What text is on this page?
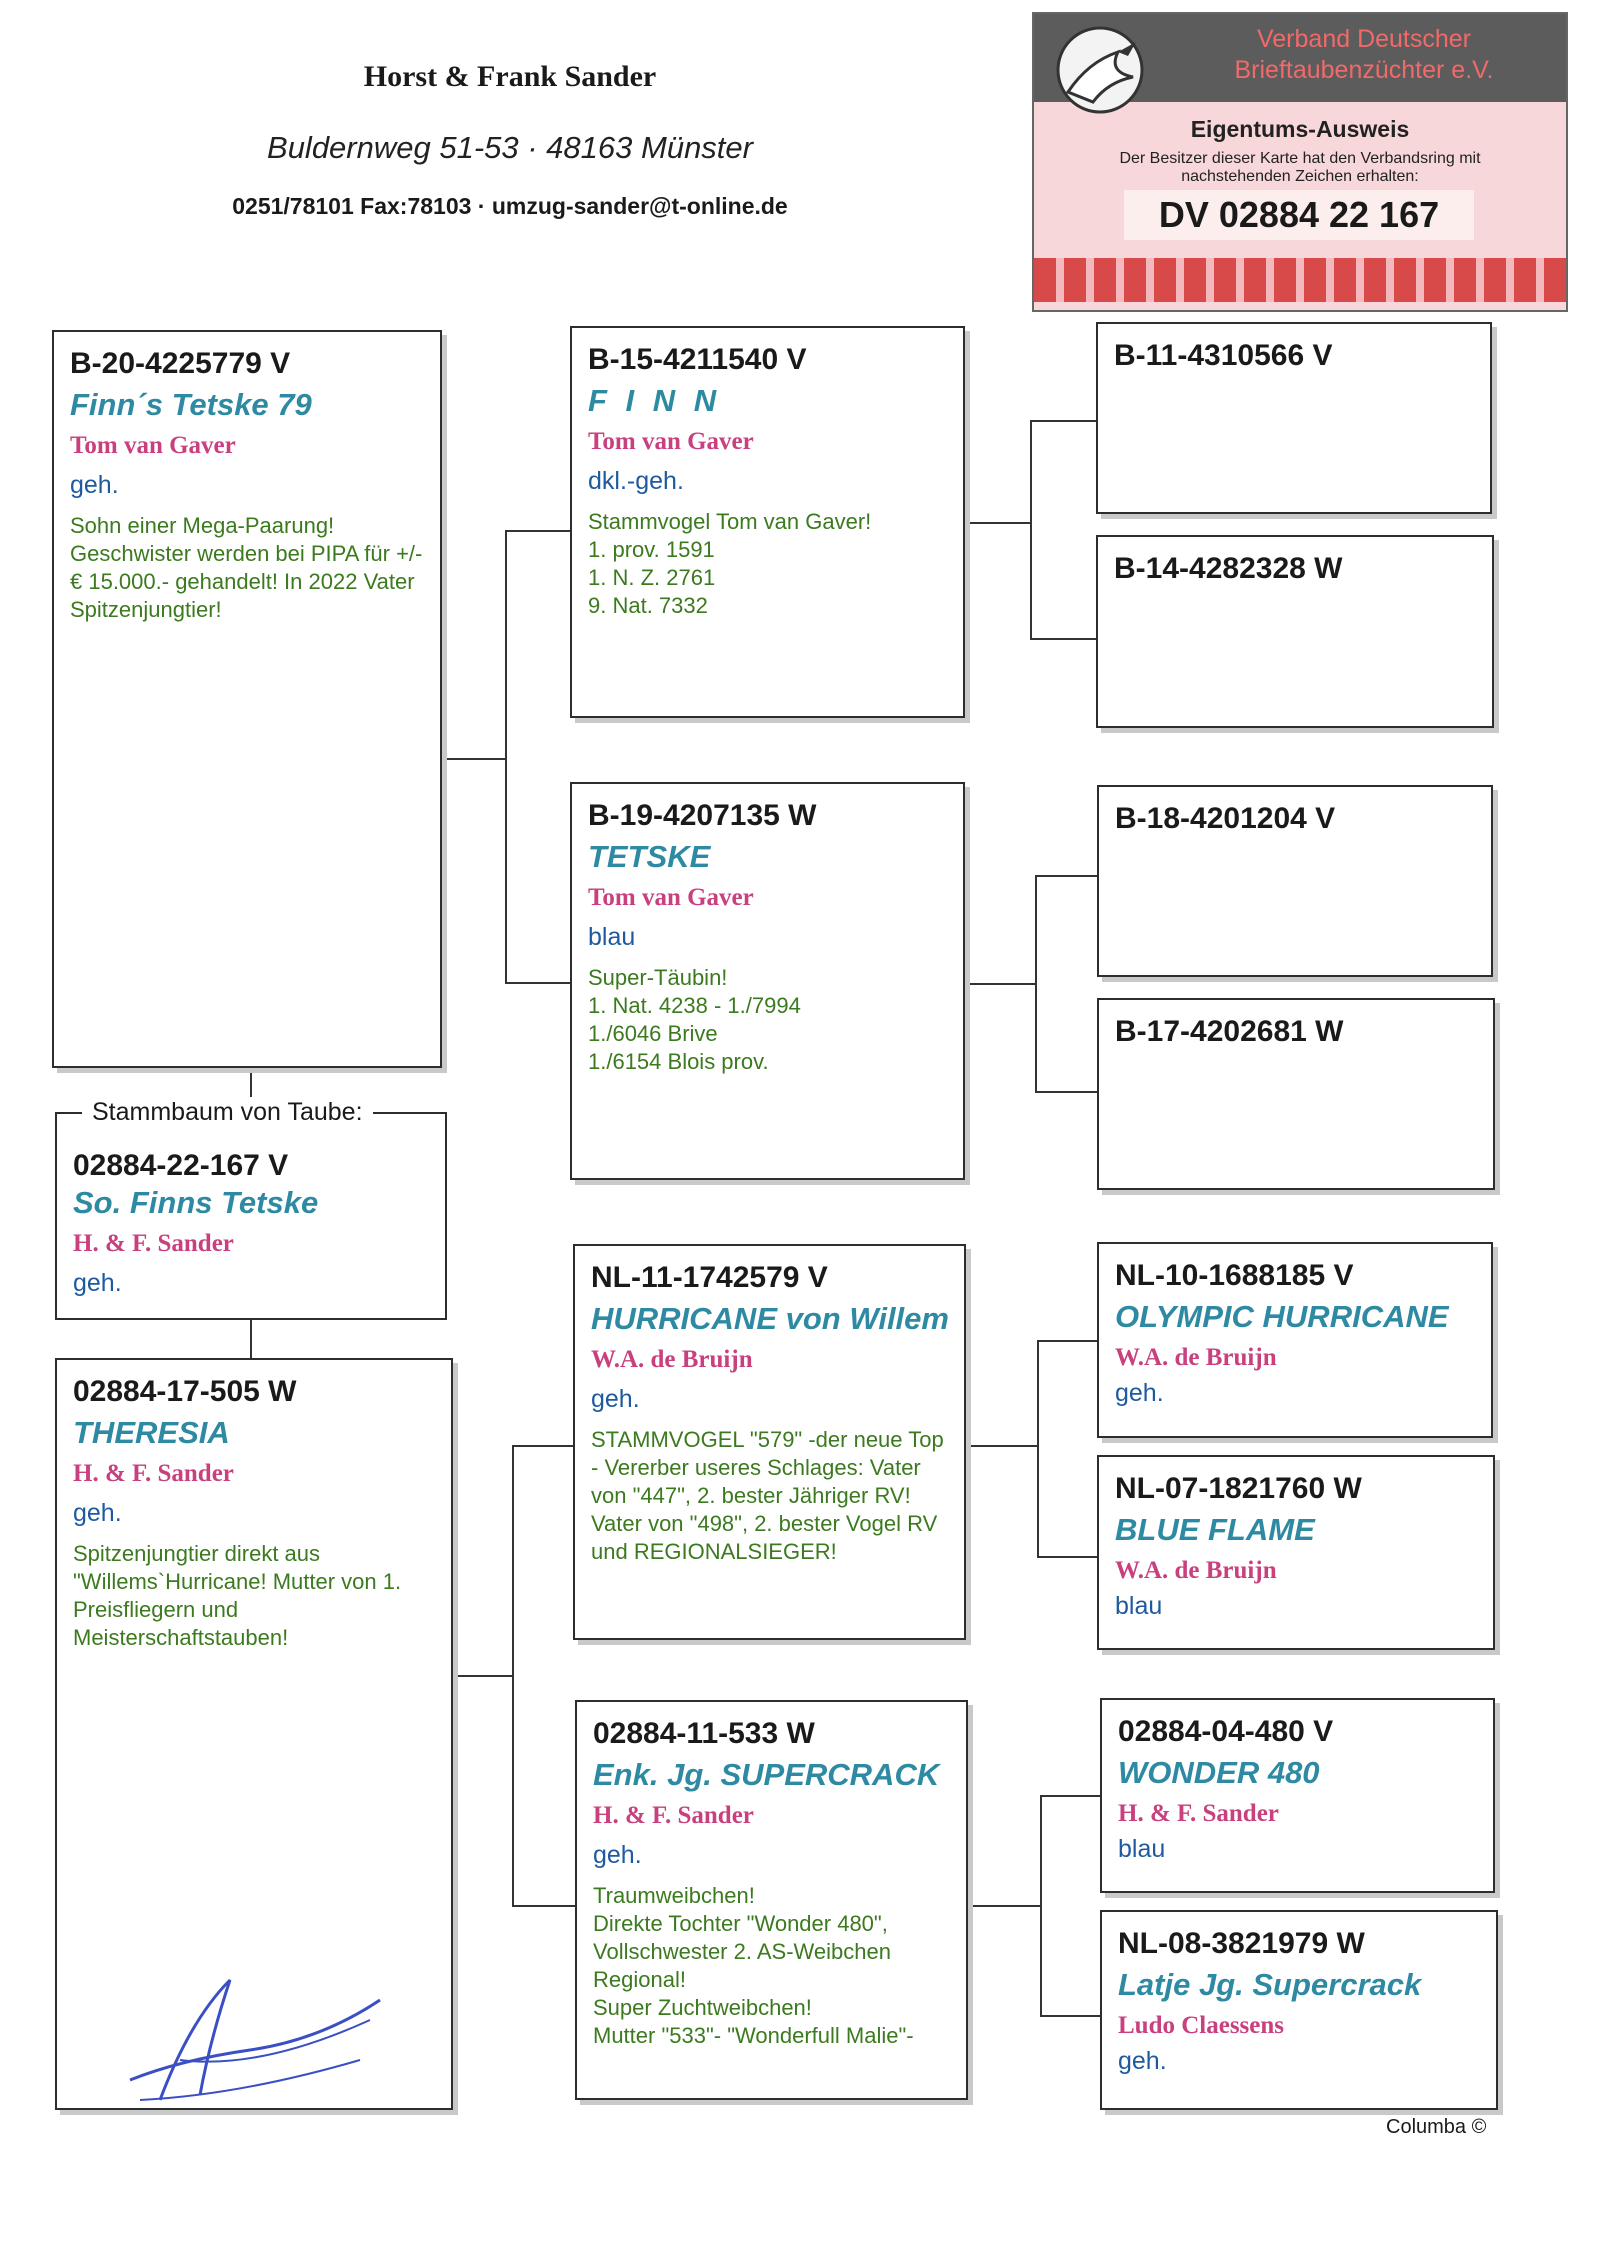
Horst & Frank Sander
Buldernweg 51-53 · 48163 Münster
0251/78101 Fax:78103 · umzug-sander@t-online.de
Verband Deutscher Brieftaubenzüchter e.V.
Eigentums-Ausweis
Der Besitzer dieser Karte hat den Verbandsring mit nachstehenden Zeichen erhalten:
DV 02884 22 167
B-20-4225779 V
Finn´s Tetske 79
Tom van Gaver
geh.
Sohn einer Mega-Paarung! Geschwister werden bei PIPA für +/- € 15.000.- gehandelt! In 2022 Vater Spitzenjungtier!
02884-22-167 V
So. Finns Tetske
H. & F. Sander
geh.
Stammbaum von Taube:
02884-17-505 W
THERESIA
H. & F. Sander
geh.
Spitzenjungtier direkt aus "Willems`Hurricane! Mutter von 1. Preisfliegern und Meisterschaftstauben!
B-15-4211540 V
F I N N
Tom van Gaver
dkl.-geh.
Stammvogel Tom van Gaver!
1. prov. 1591
1. N. Z. 2761
9. Nat. 7332
B-19-4207135 W
TETSKE
Tom van Gaver
blau
Super-Täubin!
1. Nat. 4238 - 1./7994
1./6046 Brive
1./6154 Blois prov.
NL-11-1742579 V
HURRICANE von Willem
W.A. de Bruijn
geh.
STAMMVOGEL "579" -der neue Top - Vererber useres Schlages: Vater von "447", 2. bester Jähriger RV!
Vater von "498", 2. bester Vogel RV und REGIONALSIEGER!
02884-11-533 W
Enk. Jg. SUPERCRACK
H. & F. Sander
geh.
Traumweibchen!
Direkte Tochter "Wonder 480", Vollschwester 2. AS-Weibchen Regional!
Super Zuchtweibchen!
Mutter "533"- "Wonderfull Malie"-
B-11-4310566 V
B-14-4282328 W
B-18-4201204 V
B-17-4202681 W
NL-10-1688185 V
OLYMPIC HURRICANE
W.A. de Bruijn
geh.
NL-07-1821760 W
BLUE FLAME
W.A. de Bruijn
blau
02884-04-480 V
WONDER 480
H. & F. Sander
blau
NL-08-3821979 W
Latje Jg. Supercrack
Ludo Claessens
geh.
Columba ©
